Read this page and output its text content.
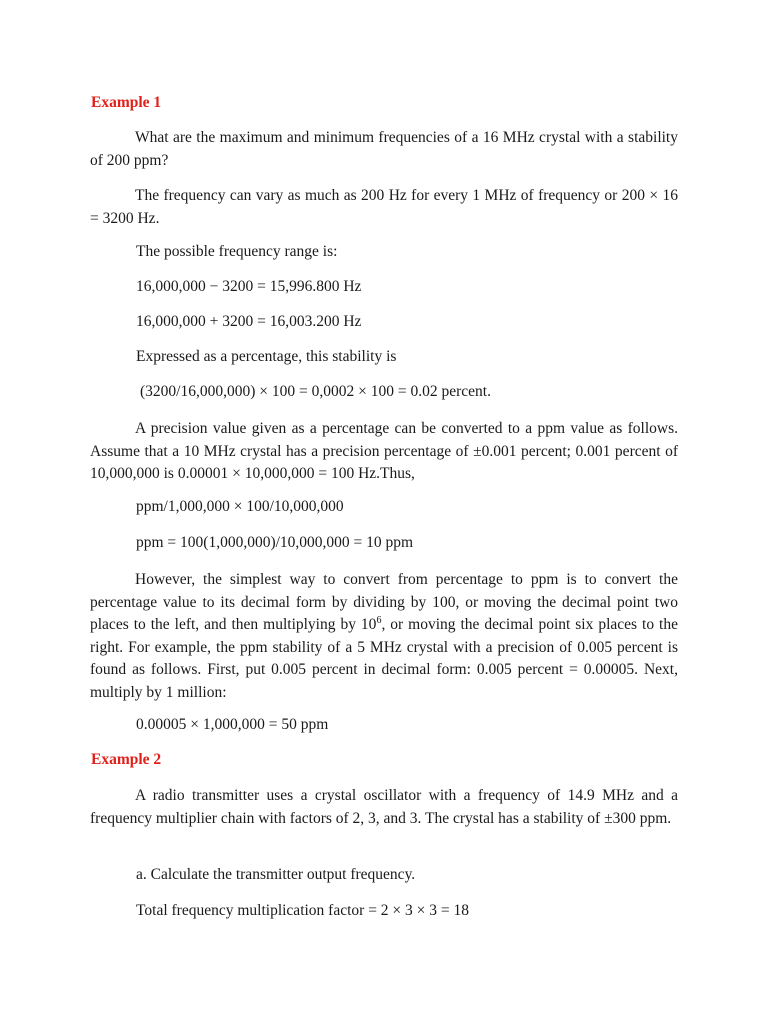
Example 1

What are the maximum and minimum frequencies of a 16 MHz crystal with a stability of 200 ppm?

The frequency can vary as much as 200 Hz for every 1 MHz of frequency or 200 × 16 = 3200 Hz.

The possible frequency range is:
16,000,000 − 3200 = 15,996.800 Hz
16,000,000 + 3200 = 16,003.200 Hz
Expressed as a percentage, this stability is
(3200/16,000,000) × 100 = 0,0002 × 100 = 0.02 percent.

A precision value given as a percentage can be converted to a ppm value as follows. Assume that a 10 MHz crystal has a precision percentage of ±0.001 percent; 0.001 percent of 10,000,000 is 0.00001 × 10,000,000 = 100 Hz.Thus,

ppm/1,000,000 × 100/10,000,000
ppm = 100(1,000,000)/10,000,000 = 10 ppm

However, the simplest way to convert from percentage to ppm is to convert the percentage value to its decimal form by dividing by 100, or moving the decimal point two places to the left, and then multiplying by $10^6$, or moving the decimal point six places to the right. For example, the ppm stability of a 5 MHz crystal with a precision of 0.005 percent is found as follows. First, put 0.005 percent in decimal form: 0.005 percent = 0.00005. Next, multiply by 1 million:

0.00005 × 1,000,000 = 50 ppm
Example 2

A radio transmitter uses a crystal oscillator with a frequency of 14.9 MHz and a frequency multiplier chain with factors of 2, 3, and 3. The crystal has a stability of ±300 ppm.

a. Calculate the transmitter output frequency.
Total frequency multiplication factor = 2 × 3 × 3 = 18
